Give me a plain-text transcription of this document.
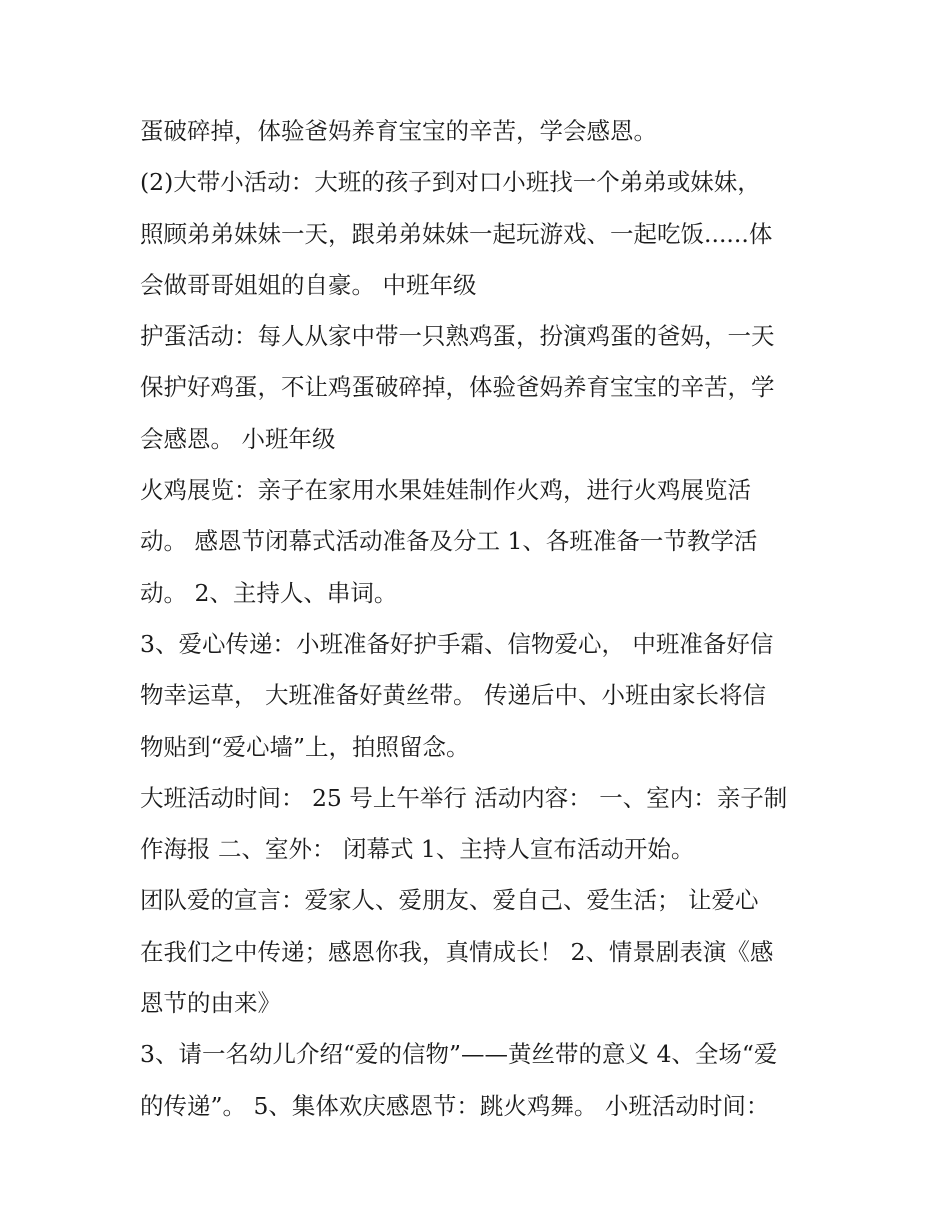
蛋破碎掉，体验爸妈养育宝宝的辛苦，学会感恩。
(2)大带小活动：大班的孩子到对口小班找一个弟弟或妹妹，
照顾弟弟妹妹一天，跟弟弟妹妹一起玩游戏、一起吃饭......体
会做哥哥姐姐的自豪。 中班年级
护蛋活动：每人从家中带一只熟鸡蛋，扮演鸡蛋的爸妈，一天
保护好鸡蛋，不让鸡蛋破碎掉，体验爸妈养育宝宝的辛苦，学
会感恩。 小班年级
火鸡展览：亲子在家用水果娃娃制作火鸡，进行火鸡展览活
动。 感恩节闭幕式活动准备及分工 1、各班准备一节教学活
动。 2、主持人、串词。
3、爱心传递：小班准备好护手霜、信物爱心， 中班准备好信
物幸运草， 大班准备好黄丝带。 传递后中、小班由家长将信
物贴到“爱心墙”上，拍照留念。
大班活动时间： 25 号上午举行 活动内容： 一、室内：亲子制
作海报 二、室外： 闭幕式 1、主持人宣布活动开始。
团队爱的宣言：爱家人、爱朋友、爱自己、爱生活； 让爱心
在我们之中传递；感恩你我，真情成长！ 2、情景剧表演《感
恩节的由来》
3、请一名幼儿介绍“爱的信物”——黄丝带的意义 4、全场“爱
的传递”。 5、集体欢庆感恩节：跳火鸡舞。 小班活动时间：
